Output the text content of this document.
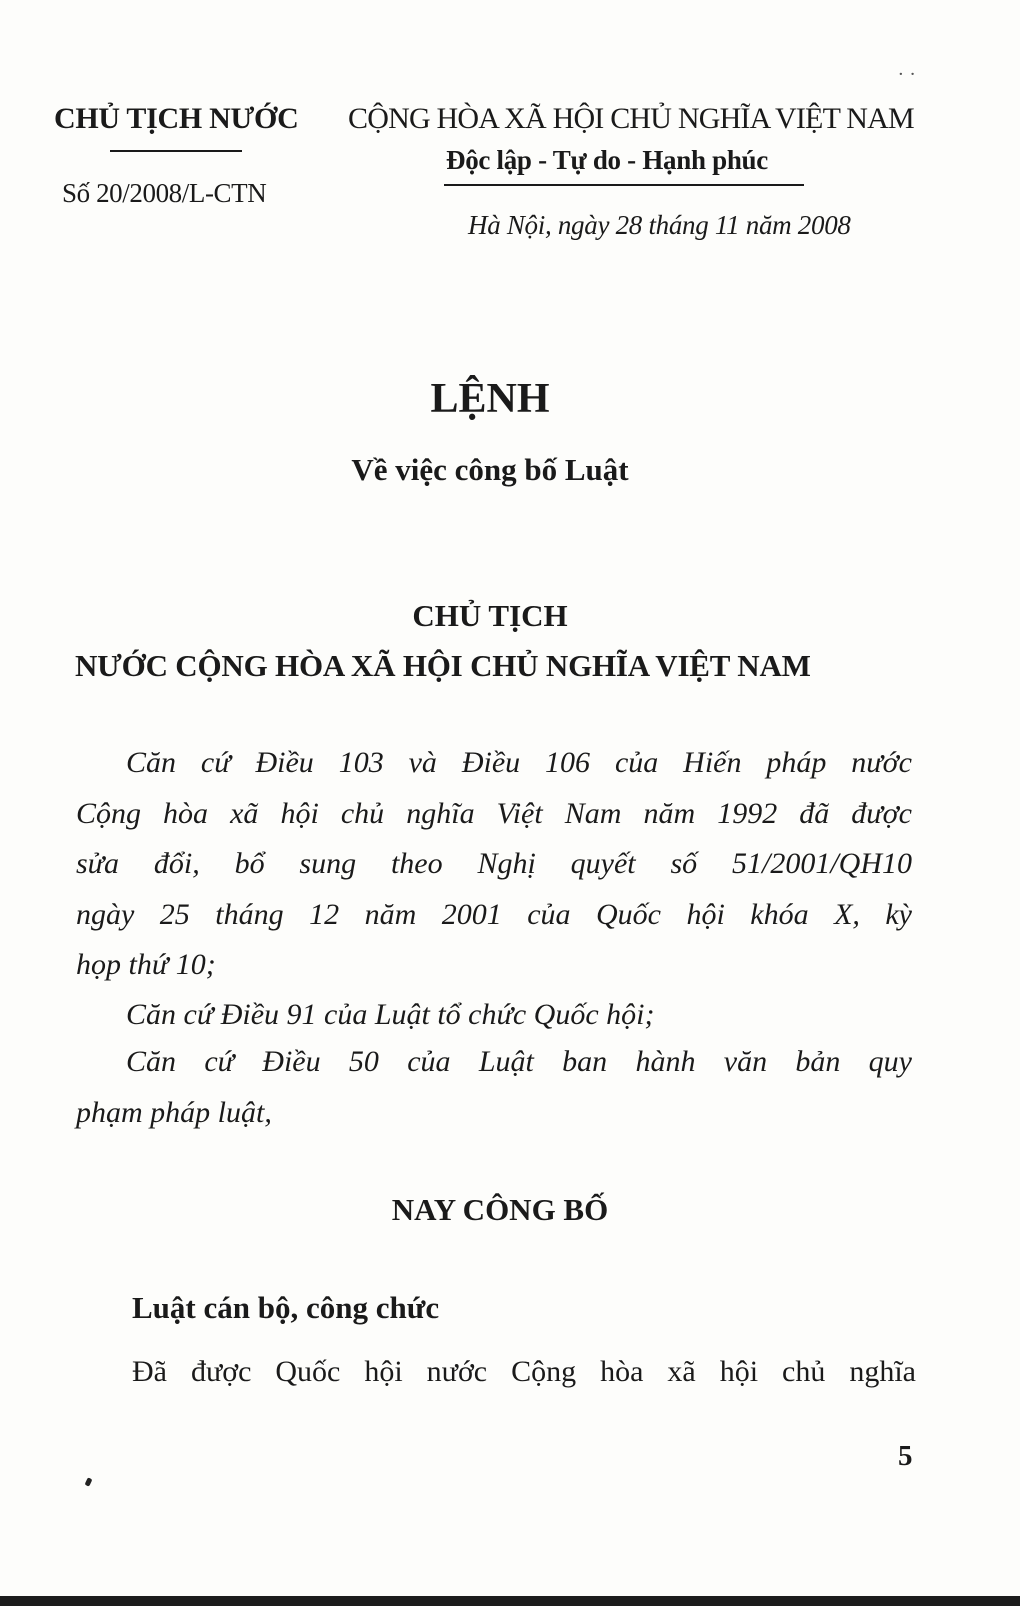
··
CHỦ TỊCH NƯỚC
Số 20/2008/L-CTN
CỘNG HÒA XÃ HỘI CHỦ NGHĨA VIỆT NAM
Độc lập - Tự do - Hạnh phúc
Hà Nội, ngày 28 tháng 11 năm 2008
LỆNH
Về việc công bố Luật
CHỦ TỊCH
NƯỚC CỘNG HÒA XÃ HỘI CHỦ NGHĨA VIỆT NAM
Căn cứ Điều 103 và Điều 106 của Hiến pháp nước
Cộng hòa xã hội chủ nghĩa Việt Nam năm 1992 đã được
sửa đổi, bổ sung theo Nghị quyết số 51/2001/QH10
ngày 25 tháng 12 năm 2001 của Quốc hội khóa X, kỳ
họp thứ 10;
Căn cứ Điều 91 của Luật tổ chức Quốc hội;
Căn cứ Điều 50 của Luật ban hành văn bản quy
phạm pháp luật,
NAY CÔNG BỐ
Luật cán bộ, công chức
Đã được Quốc hội nước Cộng hòa xã hội chủ nghĩa
5
